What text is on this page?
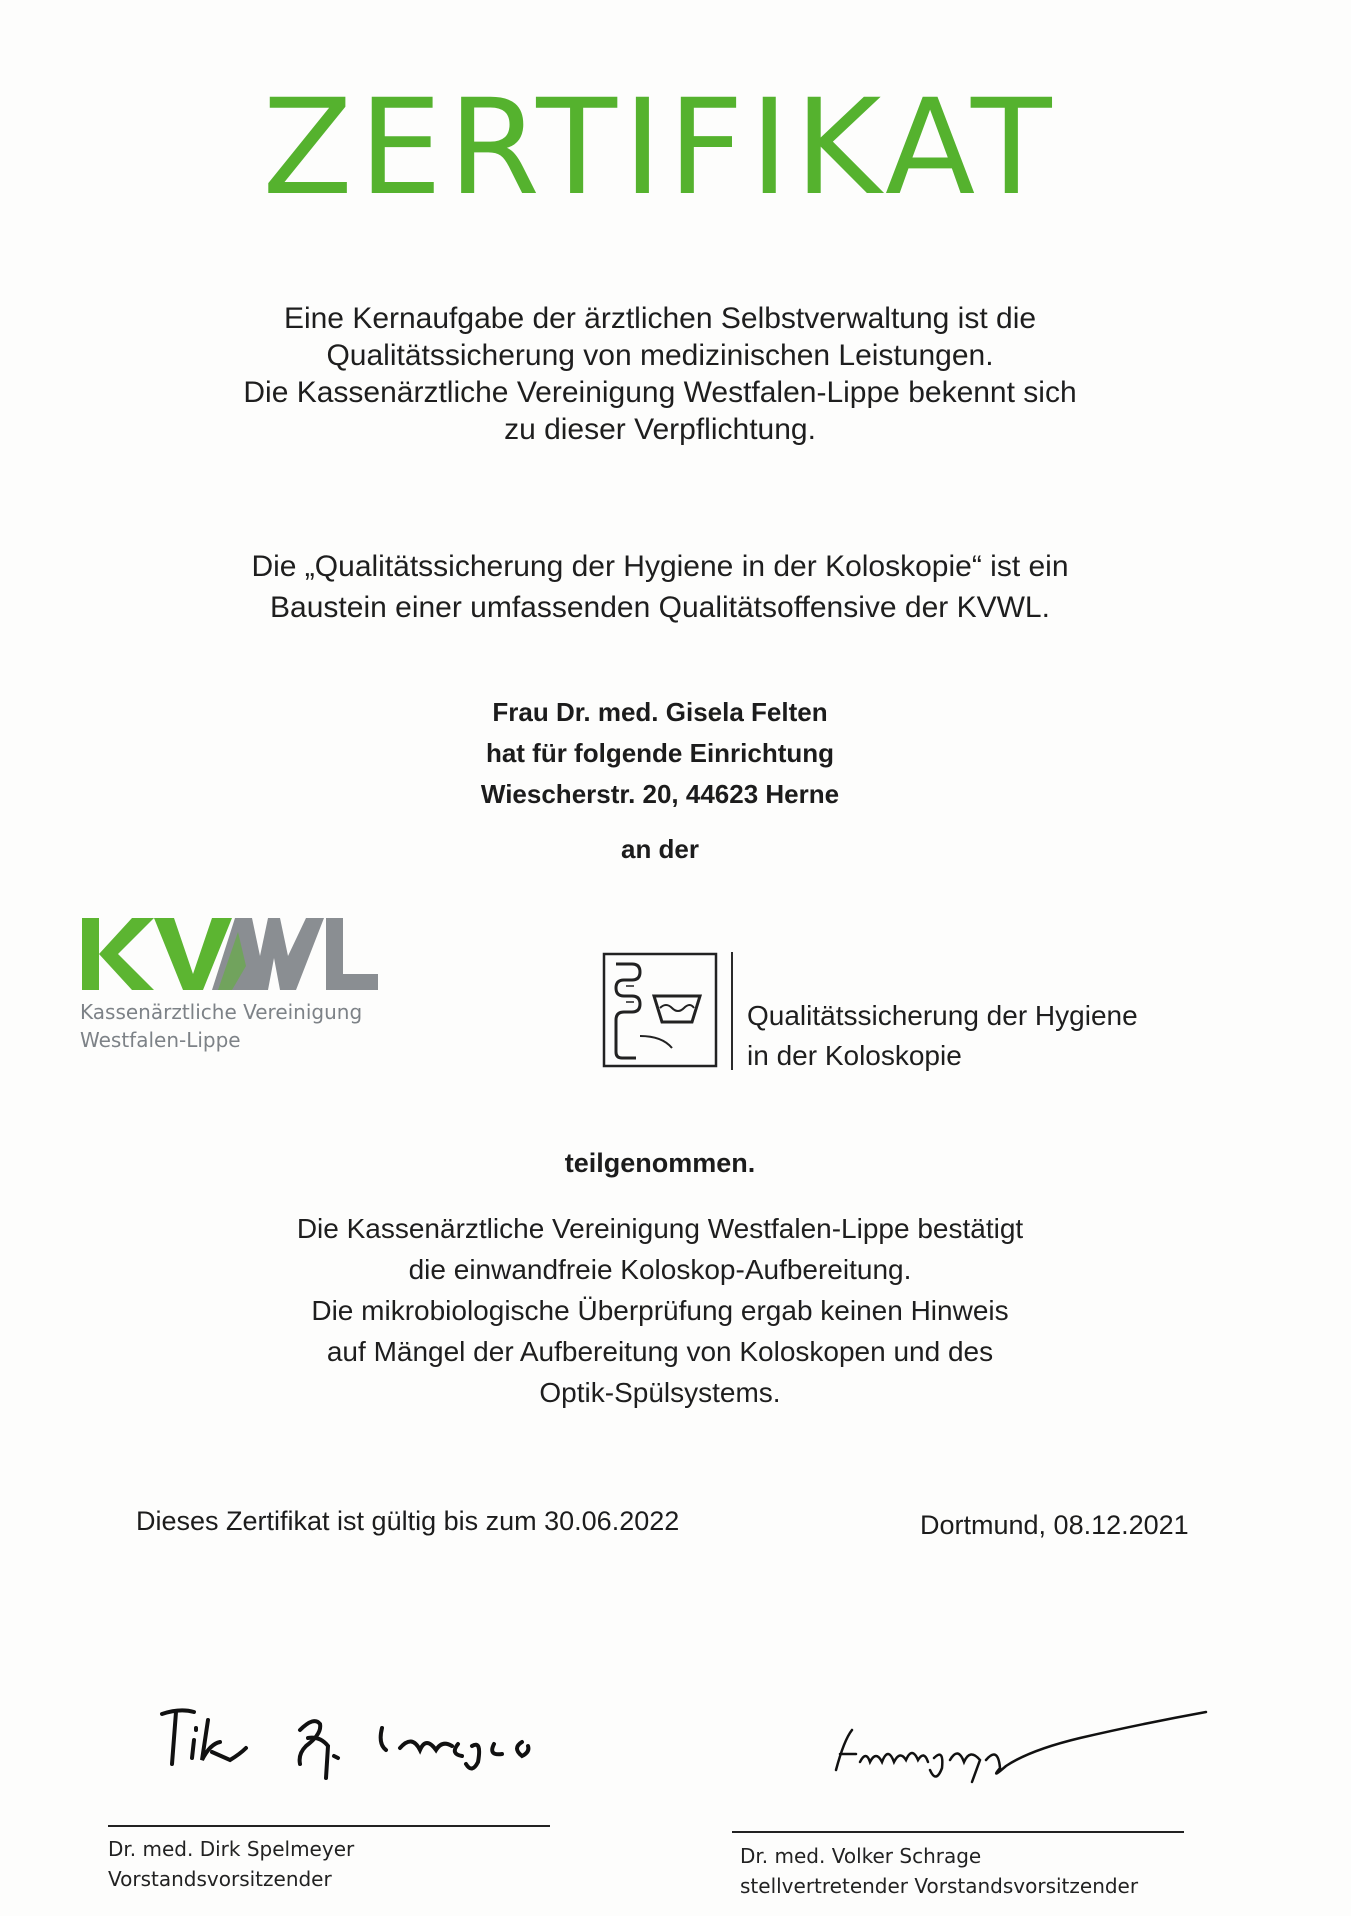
ZERTIFIKAT
Eine Kernaufgabe der ärztlichen Selbstverwaltung ist die
Qualitätssicherung von medizinischen Leistungen.
Die Kassenärztliche Vereinigung Westfalen-Lippe bekennt sich
zu dieser Verpflichtung.
Die „Qualitätssicherung der Hygiene in der Koloskopie“ ist ein
Baustein einer umfassenden Qualitätsoffensive der KVWL.
Frau Dr. med. Gisela Felten
hat für folgende Einrichtung
Wiescherstr. 20, 44623 Herne
an der
Kassenärztliche Vereinigung
Westfalen-Lippe
Qualitätssicherung der Hygiene
in der Koloskopie
teilgenommen.
Die Kassenärztliche Vereinigung Westfalen-Lippe bestätigt
die einwandfreie Koloskop-Aufbereitung.
Die mikrobiologische Überprüfung ergab keinen Hinweis
auf Mängel der Aufbereitung von Koloskopen und des
Optik-Spülsystems.
Dieses Zertifikat ist gültig bis zum 30.06.2022	Dortmund, 08.12.2021
Dr. med. Dirk Spelmeyer
Vorstandsvorsitzender
Dr. med. Volker Schrage
stellvertretender Vorstandsvorsitzender
